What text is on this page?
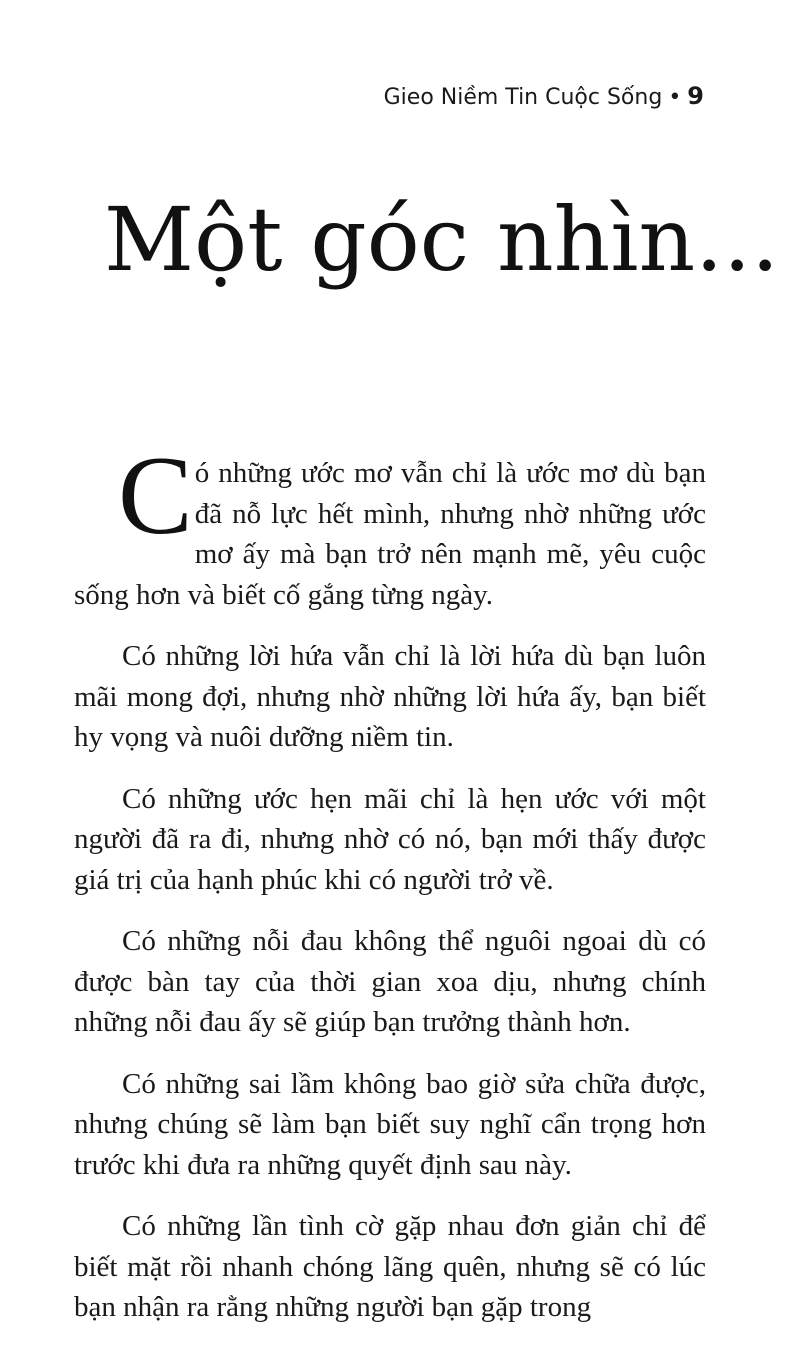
Gieo Niềm Tin Cuộc Sống • 9
Một góc nhìn...

Có những ước mơ vẫn chỉ là ước mơ dù bạn đã nỗ lực hết mình, nhưng nhờ những ước mơ ấy mà bạn trở nên mạnh mẽ, yêu cuộc sống hơn và biết cố gắng từng ngày.

Có những lời hứa vẫn chỉ là lời hứa dù bạn luôn mãi mong đợi, nhưng nhờ những lời hứa ấy, bạn biết hy vọng và nuôi dưỡng niềm tin.

Có những ước hẹn mãi chỉ là hẹn ước với một người đã ra đi, nhưng nhờ có nó, bạn mới thấy được giá trị của hạnh phúc khi có người trở về.

Có những nỗi đau không thể nguôi ngoai dù có được bàn tay của thời gian xoa dịu, nhưng chính những nỗi đau ấy sẽ giúp bạn trưởng thành hơn.

Có những sai lầm không bao giờ sửa chữa được, nhưng chúng sẽ làm bạn biết suy nghĩ cẩn trọng hơn trước khi đưa ra những quyết định sau này.

Có những lần tình cờ gặp nhau đơn giản chỉ để biết mặt rồi nhanh chóng lãng quên, nhưng sẽ có lúc bạn nhận ra rằng những người bạn gặp trong
